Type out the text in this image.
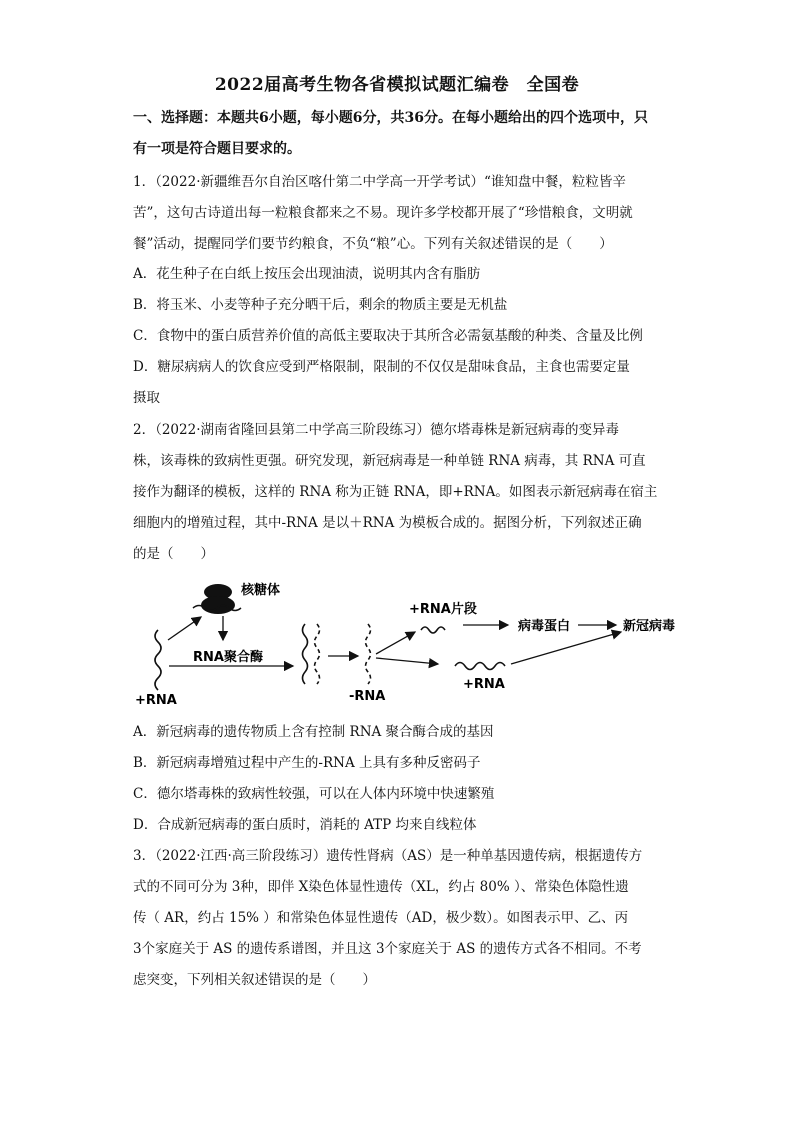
2022届高考生物各省模拟试题汇编卷　全国卷
一、选择题：本题共6小题，每小题6分，共36分。在每小题给出的四个选项中，只
有一项是符合题目要求的。
1．（2022·新疆维吾尔自治区喀什第二中学高一开学考试）“谁知盘中餐，粒粒皆辛
苦”，这句古诗道出每一粒粮食都来之不易。现许多学校都开展了“珍惜粮食，文明就
餐”活动，提醒同学们要节约粮食，不负“粮”心。下列有关叙述错误的是（　　）
A．花生种子在白纸上按压会出现油渍，说明其内含有脂肪
B．将玉米、小麦等种子充分晒干后，剩余的物质主要是无机盐
C．食物中的蛋白质营养价值的高低主要取决于其所含必需氨基酸的种类、含量及比例
D．糖尿病病人的饮食应受到严格限制，限制的不仅仅是甜味食品，主食也需要定量
摄取
2．（2022·湖南省隆回县第二中学高三阶段练习）德尔塔毒株是新冠病毒的变异毒
株，该毒株的致病性更强。研究发现，新冠病毒是一种单链 RNA 病毒，其 RNA 可直
接作为翻译的模板，这样的 RNA 称为正链 RNA，即+RNA。如图表示新冠病毒在宿主
细胞内的增殖过程，其中-RNA 是以＋RNA 为模板合成的。据图分析，下列叙述正确
的是（　　）
核糖体
+RNA
RNA聚合酶
-RNA
+RNA片段
病毒蛋白	新冠病毒
+RNA
A．新冠病毒的遗传物质上含有控制 RNA 聚合酶合成的基因
B．新冠病毒增殖过程中产生的-RNA 上具有多种反密码子
C．德尔塔毒株的致病性较强，可以在人体内环境中快速繁殖
D．合成新冠病毒的蛋白质时，消耗的 ATP 均来自线粒体
3．（2022·江西·高三阶段练习）遗传性肾病（AS）是一种单基因遗传病，根据遗传方
式的不同可分为 3种，即伴 X染色体显性遗传（XL，约占 80% ）、常染色体隐性遗
传（ AR，约占 15% ）和常染色体显性遗传（AD，极少数）。如图表示甲、乙、丙
3个家庭关于 AS 的遗传系谱图，并且这 3个家庭关于 AS 的遗传方式各不相同。不考
虑突变，下列相关叙述错误的是（　　）
